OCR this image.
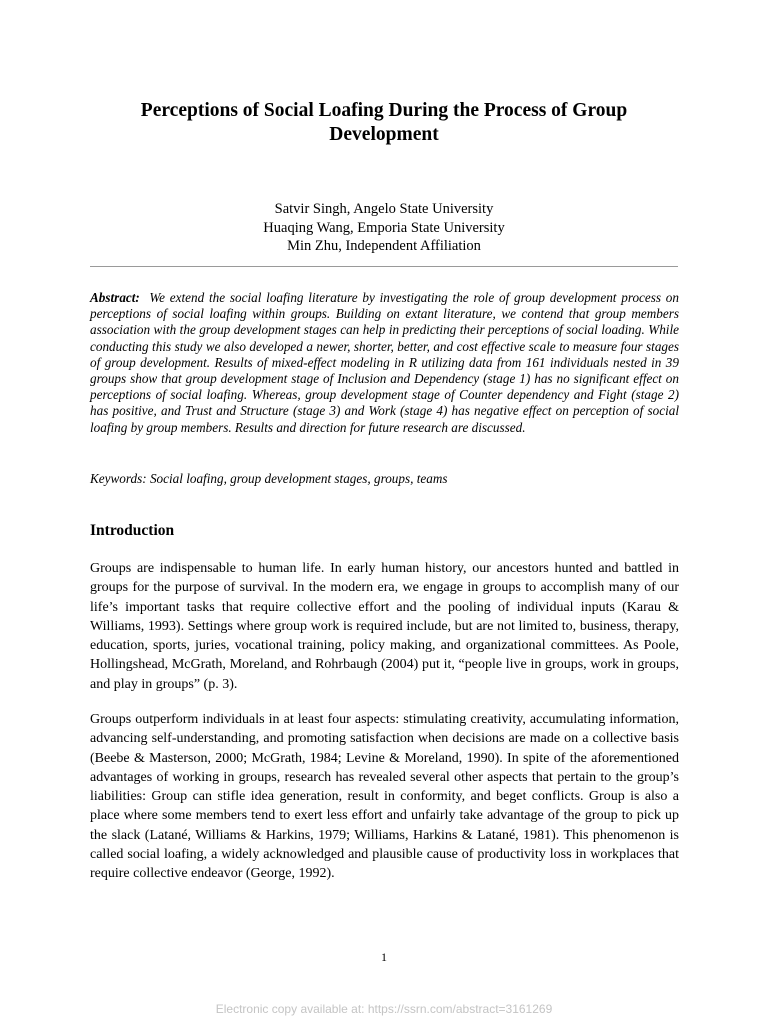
Perceptions of Social Loafing During the Process of Group
Development
Satvir Singh, Angelo State University
Huaqing Wang, Emporia State University
Min Zhu, Independent Affiliation

Abstract: We extend the social loafing literature by investigating the role of group development process on perceptions of social loafing within groups. Building on extant literature, we contend that group members association with the group development stages can help in predicting their perceptions of social loading. While conducting this study we also developed a newer, shorter, better, and cost effective scale to measure four stages of group development. Results of mixed-effect modeling in R utilizing data from 161 individuals nested in 39 groups show that group development stage of Inclusion and Dependency (stage 1) has no significant effect on perceptions of social loafing. Whereas, group development stage of Counter dependency and Fight (stage 2) has positive, and Trust and Structure (stage 3) and Work (stage 4) has negative effect on perception of social loafing by group members. Results and direction for future research are discussed.

Keywords: Social loafing, group development stages, groups, teams

Introduction

Groups are indispensable to human life. In early human history, our ancestors hunted and battled in groups for the purpose of survival. In the modern era, we engage in groups to accomplish many of our life’s important tasks that require collective effort and the pooling of individual inputs (Karau & Williams, 1993). Settings where group work is required include, but are not limited to, business, therapy, education, sports, juries, vocational training, policy making, and organizational committees. As Poole, Hollingshead, McGrath, Moreland, and Rohrbaugh (2004) put it, “people live in groups, work in groups, and play in groups” (p. 3).

Groups outperform individuals in at least four aspects: stimulating creativity, accumulating information, advancing self-understanding, and promoting satisfaction when decisions are made on a collective basis (Beebe & Masterson, 2000; McGrath, 1984; Levine & Moreland, 1990). In spite of the aforementioned advantages of working in groups, research has revealed several other aspects that pertain to the group’s liabilities: Group can stifle idea generation, result in conformity, and beget conflicts. Group is also a place where some members tend to exert less effort and unfairly take advantage of the group to pick up the slack (Latané, Williams & Harkins, 1979; Williams, Harkins & Latané, 1981). This phenomenon is called social loafing, a widely acknowledged and plausible cause of productivity loss in workplaces that require collective endeavor (George, 1992).

1
Electronic copy available at: https://ssrn.com/abstract=3161269
